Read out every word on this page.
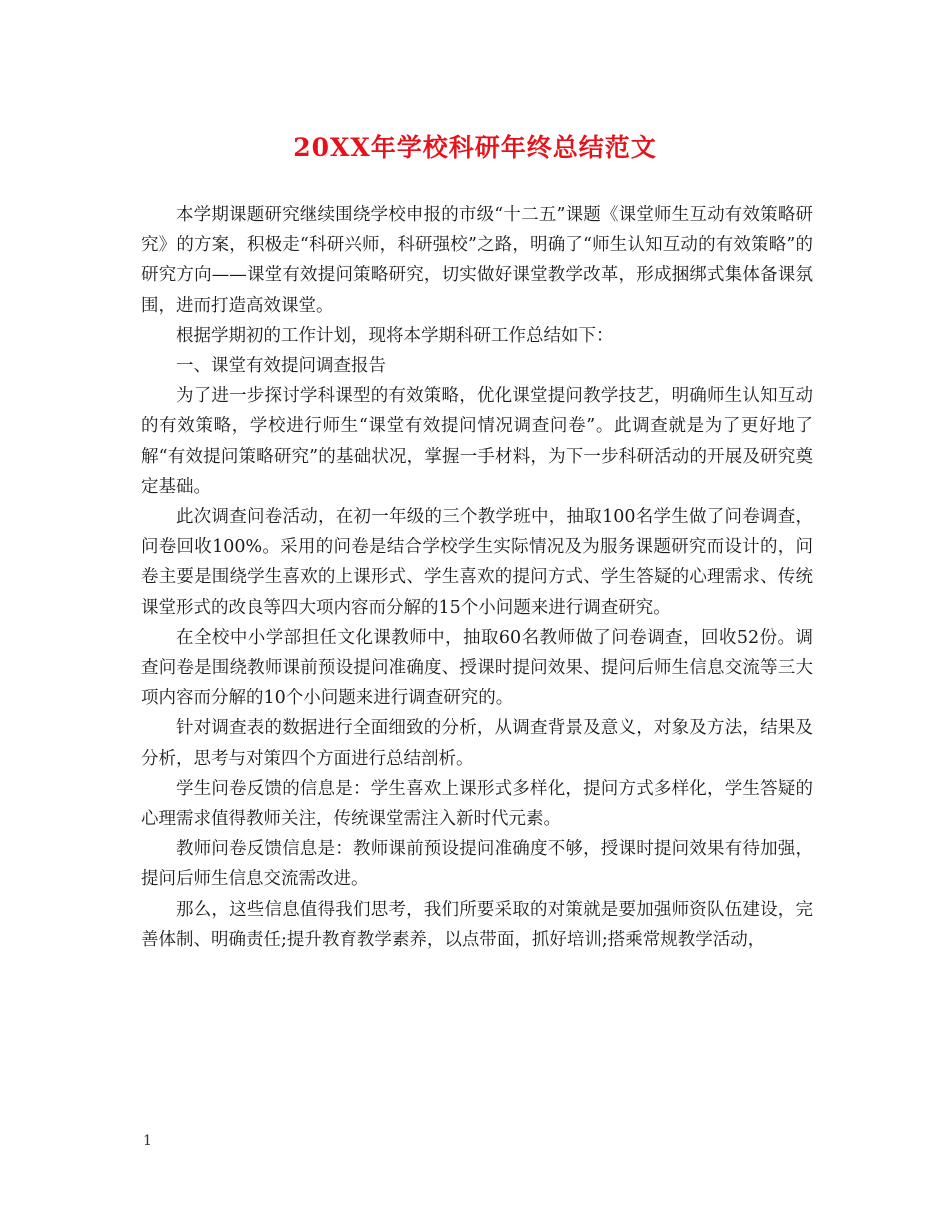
20XX年学校科研年终总结范文

本学期课题研究继续围绕学校申报的市级“十二五”课题《课堂师生互动有效策略研究》的方案，积极走“科研兴师，科研强校”之路，明确了“师生认知互动的有效策略”的研究方向——课堂有效提问策略研究，切实做好课堂教学改革，形成捆绑式集体备课氛围，进而打造高效课堂。

根据学期初的工作计划，现将本学期科研工作总结如下：

一、课堂有效提问调查报告

为了进一步探讨学科课型的有效策略，优化课堂提问教学技艺，明确师生认知互动的有效策略，学校进行师生“课堂有效提问情况调查问卷”。此调查就是为了更好地了解“有效提问策略研究”的基础状况，掌握一手材料，为下一步科研活动的开展及研究奠定基础。

此次调查问卷活动，在初一年级的三个教学班中，抽取100名学生做了问卷调查，问卷回收100%。采用的问卷是结合学校学生实际情况及为服务课题研究而设计的，问卷主要是围绕学生喜欢的上课形式、学生喜欢的提问方式、学生答疑的心理需求、传统课堂形式的改良等四大项内容而分解的15个小问题来进行调查研究。

在全校中小学部担任文化课教师中，抽取60名教师做了问卷调查，回收52份。调查问卷是围绕教师课前预设提问准确度、授课时提问效果、提问后师生信息交流等三大项内容而分解的10个小问题来进行调查研究的。

针对调查表的数据进行全面细致的分析，从调查背景及意义，对象及方法，结果及分析，思考与对策四个方面进行总结剖析。

学生问卷反馈的信息是：学生喜欢上课形式多样化，提问方式多样化，学生答疑的心理需求值得教师关注，传统课堂需注入新时代元素。

教师问卷反馈信息是：教师课前预设提问准确度不够，授课时提问效果有待加强，提问后师生信息交流需改进。

那么，这些信息值得我们思考，我们所要采取的对策就是要加强师资队伍建设，完善体制、明确责任;提升教育教学素养，以点带面，抓好培训;搭乘常规教学活动，

1
